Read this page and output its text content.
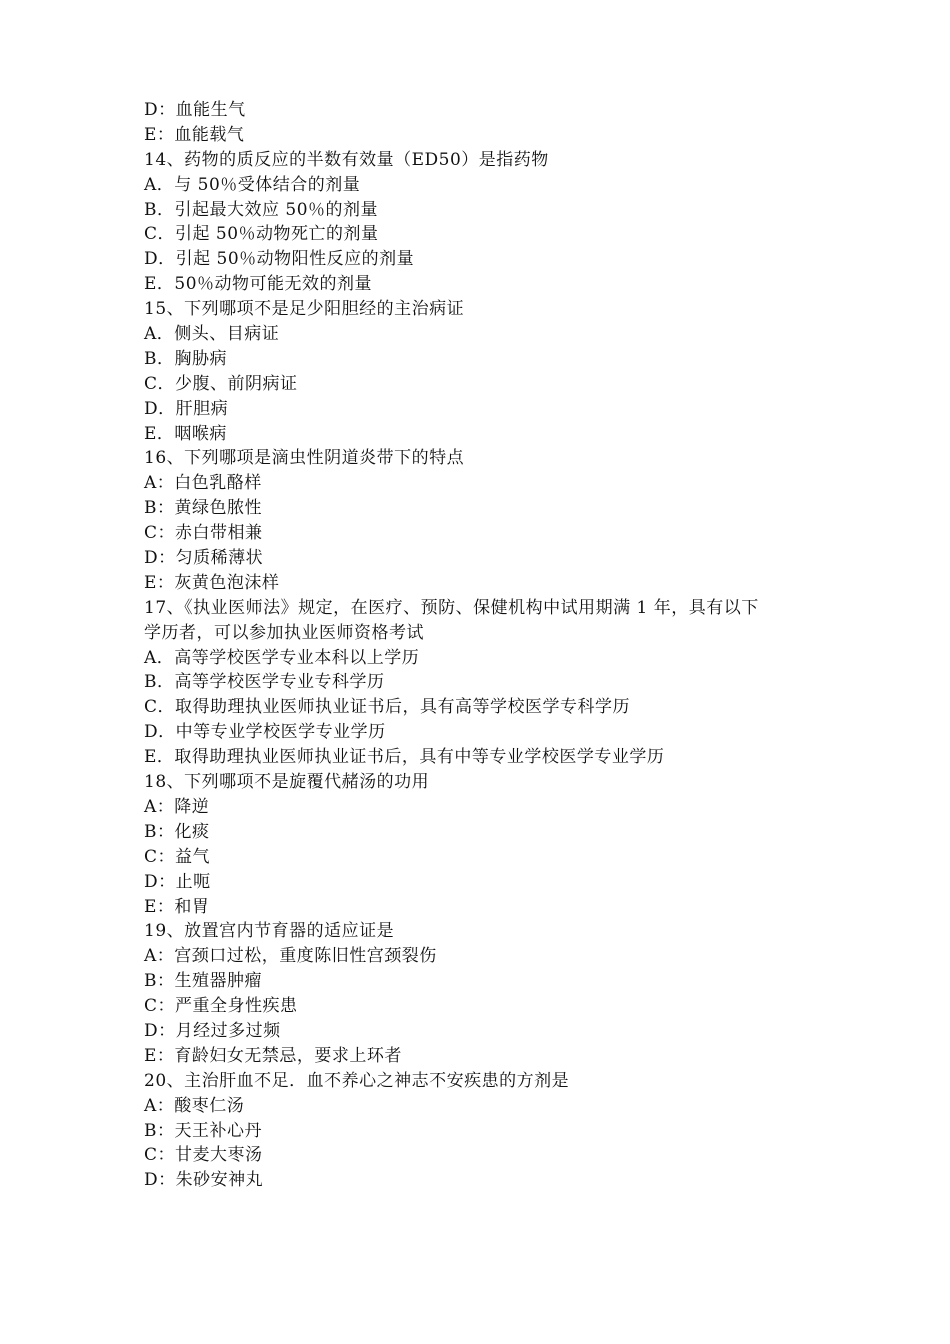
D：血能生气
E：血能载气
14、药物的质反应的半数有效量（ED50）是指药物
A．与 50％受体结合的剂量
B．引起最大效应 50％的剂量
C．引起 50％动物死亡的剂量
D．引起 50％动物阳性反应的剂量
E．50％动物可能无效的剂量
15、下列哪项不是足少阳胆经的主治病证
A．侧头、目病证
B．胸胁病
C．少腹、前阴病证
D．肝胆病
E．咽喉病
16、下列哪项是滴虫性阴道炎带下的特点
A：白色乳酪样
B：黄绿色脓性
C：赤白带相兼
D：匀质稀薄状
E：灰黄色泡沫样
17、《执业医师法》规定，在医疗、预防、保健机构中试用期满 1 年，具有以下
学历者，可以参加执业医师资格考试
A．高等学校医学专业本科以上学历
B．高等学校医学专业专科学历
C．取得助理执业医师执业证书后，具有高等学校医学专科学历
D．中等专业学校医学专业学历
E．取得助理执业医师执业证书后，具有中等专业学校医学专业学历
18、下列哪项不是旋覆代赭汤的功用
A：降逆
B：化痰
C：益气
D：止呃
E：和胃
19、放置宫内节育器的适应证是
A：宫颈口过松，重度陈旧性宫颈裂伤
B：生殖器肿瘤
C：严重全身性疾患
D：月经过多过频
E：育龄妇女无禁忌，要求上环者
20、主治肝血不足．血不养心之神志不安疾患的方剂是
A：酸枣仁汤
B：天王补心丹
C：甘麦大枣汤
D：朱砂安神丸
